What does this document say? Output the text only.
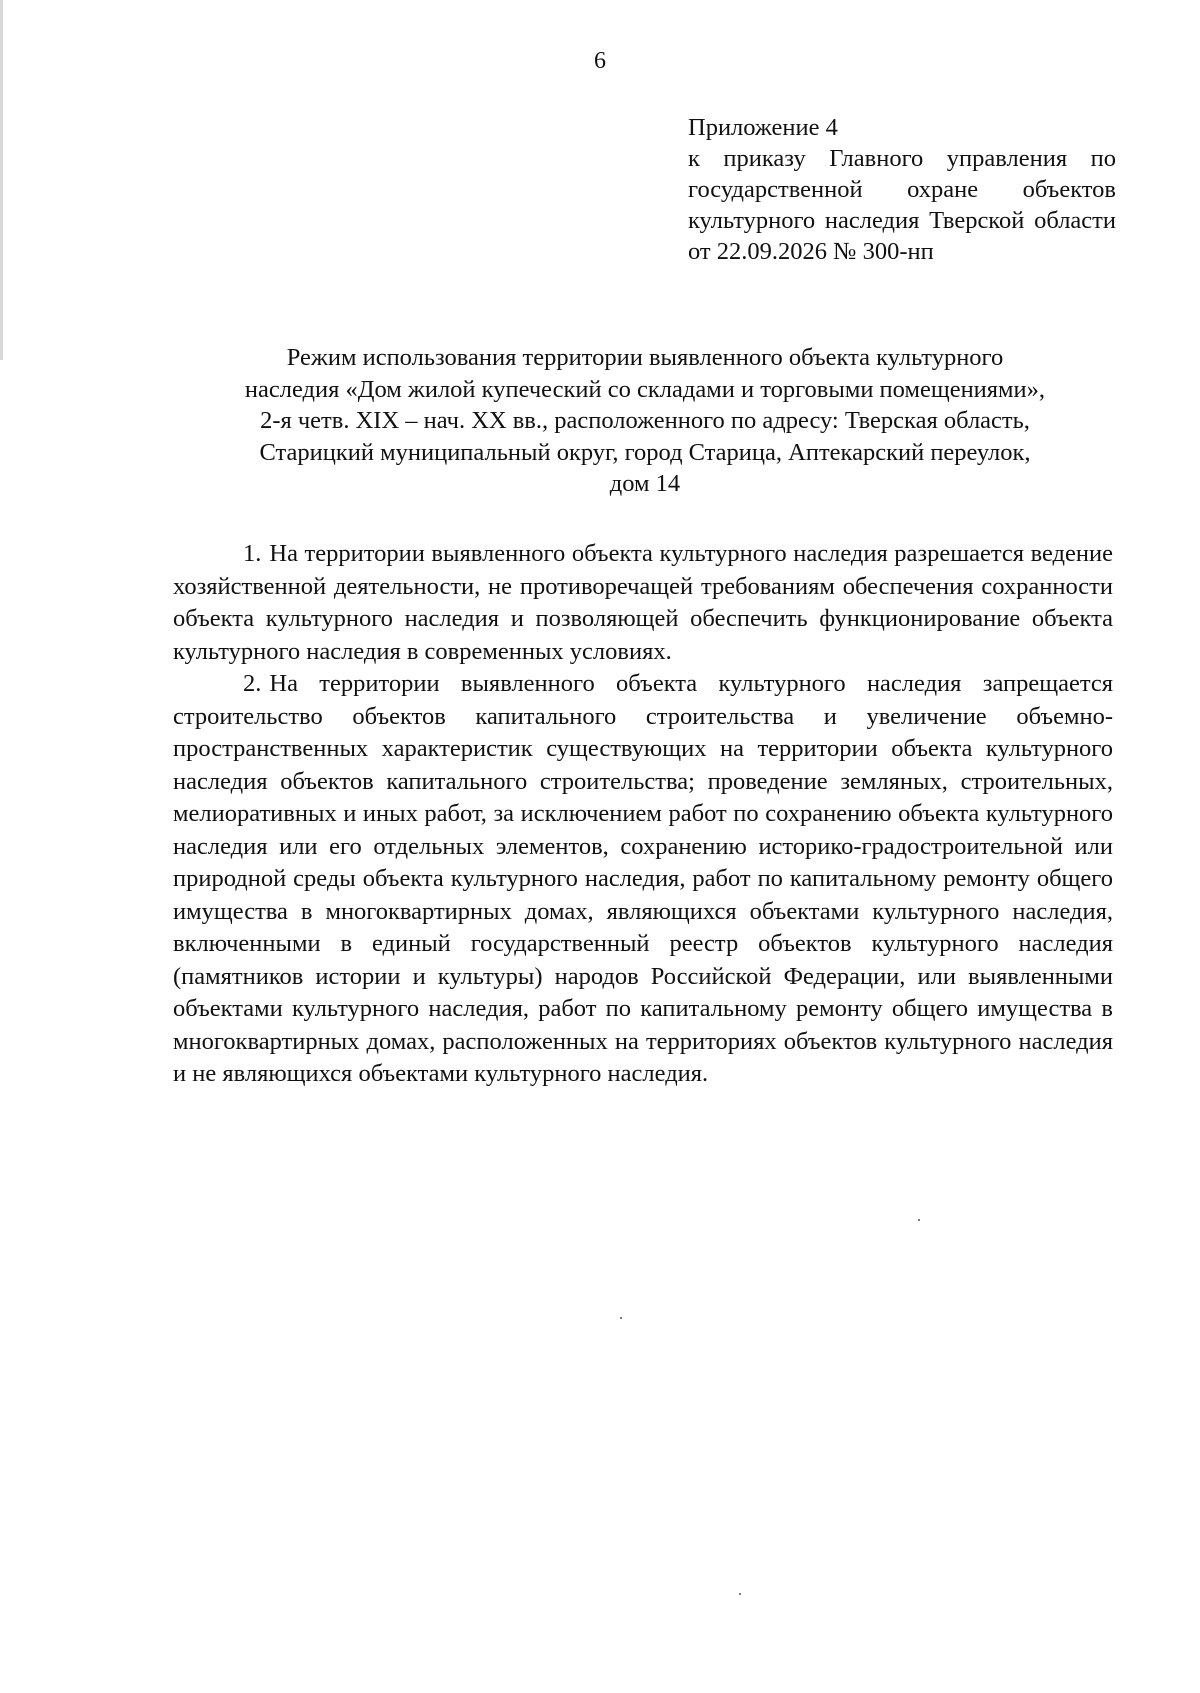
6
Приложение 4
к приказу Главного управления по государственной охране объектов культурного наследия Тверской области от 22.09.2026 № 300-нп
Режим использования территории выявленного объекта культурного
наследия «Дом жилой купеческий со складами и торговыми помещениями»,
2-я четв. XIX – нач. XX вв., расположенного по адресу: Тверская область,
Старицкий муниципальный округ, город Старица, Аптекарский переулок,
дом 14

1. На территории выявленного объекта культурного наследия разрешается ведение хозяйственной деятельности, не противоречащей требованиям обеспечения сохранности объекта культурного наследия и позволяющей обеспечить функционирование объекта культурного наследия в современных условиях.

2. На территории выявленного объекта культурного наследия запрещается строительство объектов капитального строительства и увеличение объемно-пространственных характеристик существующих на территории объекта культурного наследия объектов капитального строительства; проведение земляных, строительных, мелиоративных и иных работ, за исключением работ по сохранению объекта культурного наследия или его отдельных элементов, сохранению историко-градостроительной или природной среды объекта культурного наследия, работ по капитальному ремонту общего имущества в многоквартирных домах, являющихся объектами культурного наследия, включенными в единый государственный реестр объектов культурного наследия (памятников истории и культуры) народов Российской Федерации, или выявленными объектами культурного наследия, работ по капитальному ремонту общего имущества в многоквартирных домах, расположенных на территориях объектов культурного наследия и не являющихся объектами культурного наследия.
